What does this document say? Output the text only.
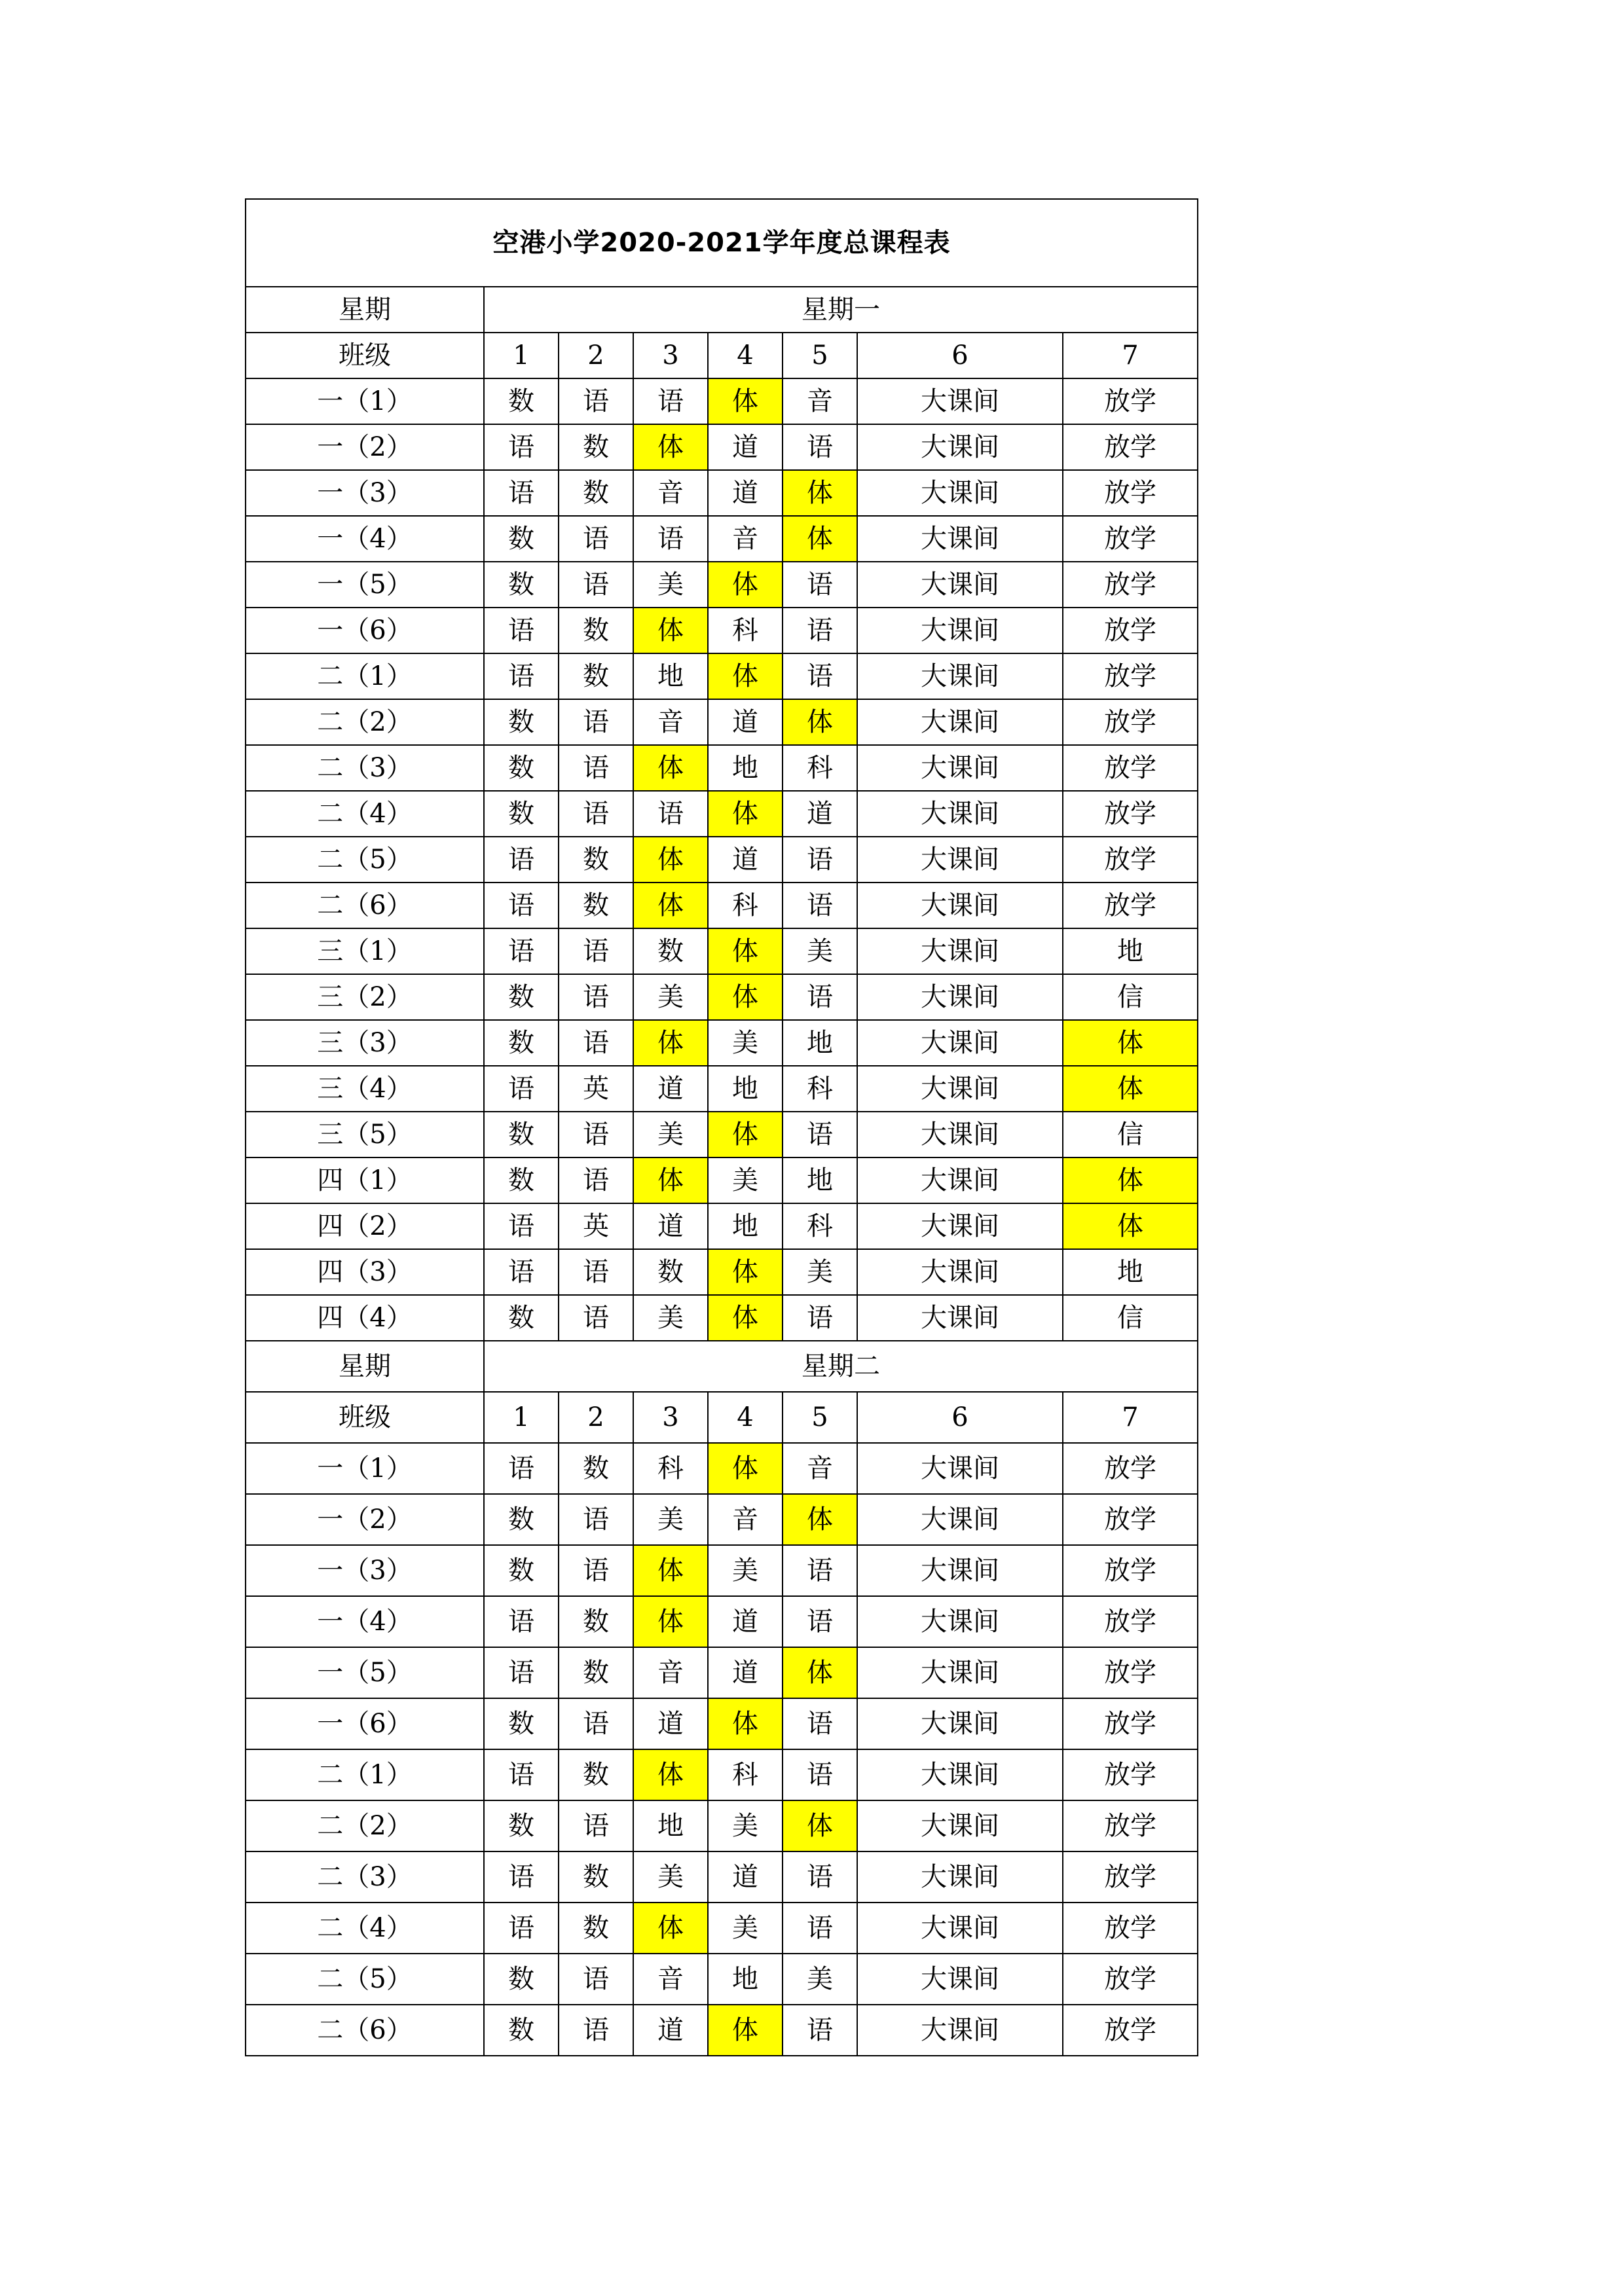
空港小学2020-2021学年度总课程表							
星期	星期一						
班级	1	2	3	4	5	6	7
一（1）	数	语	语	体	音	大课间	放学
一（2）	语	数	体	道	语	大课间	放学
一（3）	语	数	音	道	体	大课间	放学
一（4）	数	语	语	音	体	大课间	放学
一（5）	数	语	美	体	语	大课间	放学
一（6）	语	数	体	科	语	大课间	放学
二（1）	语	数	地	体	语	大课间	放学
二（2）	数	语	音	道	体	大课间	放学
二（3）	数	语	体	地	科	大课间	放学
二（4）	数	语	语	体	道	大课间	放学
二（5）	语	数	体	道	语	大课间	放学
二（6）	语	数	体	科	语	大课间	放学
三（1）	语	语	数	体	美	大课间	地
三（2）	数	语	美	体	语	大课间	信
三（3）	数	语	体	美	地	大课间	体
三（4）	语	英	道	地	科	大课间	体
三（5）	数	语	美	体	语	大课间	信
四（1）	数	语	体	美	地	大课间	体
四（2）	语	英	道	地	科	大课间	体
四（3）	语	语	数	体	美	大课间	地
四（4）	数	语	美	体	语	大课间	信
星期	星期二						
班级	1	2	3	4	5	6	7
一（1）	语	数	科	体	音	大课间	放学
一（2）	数	语	美	音	体	大课间	放学
一（3）	数	语	体	美	语	大课间	放学
一（4）	语	数	体	道	语	大课间	放学
一（5）	语	数	音	道	体	大课间	放学
一（6）	数	语	道	体	语	大课间	放学
二（1）	语	数	体	科	语	大课间	放学
二（2）	数	语	地	美	体	大课间	放学
二（3）	语	数	美	道	语	大课间	放学
二（4）	语	数	体	美	语	大课间	放学
二（5）	数	语	音	地	美	大课间	放学
二（6）	数	语	道	体	语	大课间	放学
